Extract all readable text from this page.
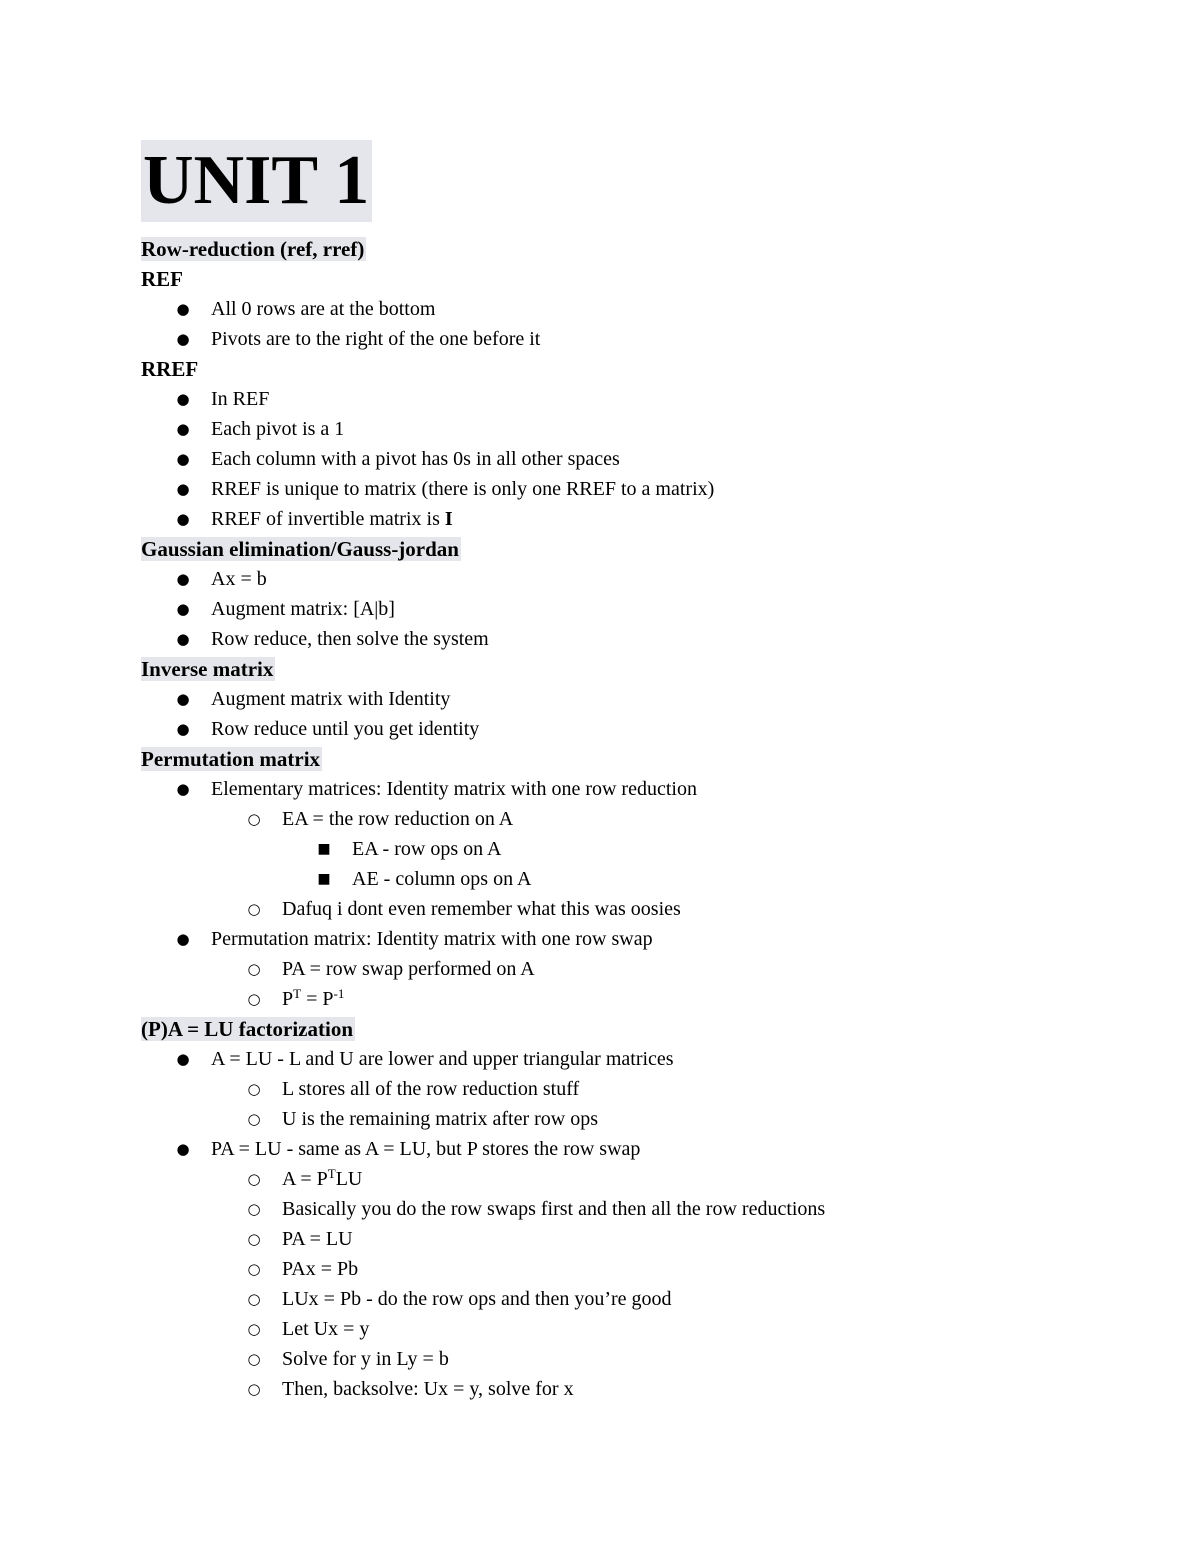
UNIT 1
Row-reduction (ref, rref)
REF
● All 0 rows are at the bottom
● Pivots are to the right of the one before it
RREF
● In REF
● Each pivot is a 1
● Each column with a pivot has 0s in all other spaces
● RREF is unique to matrix (there is only one RREF to a matrix)
● RREF of invertible matrix is I
Gaussian elimination/Gauss-jordan
● Ax = b
● Augment matrix: [A|b]
● Row reduce, then solve the system
Inverse matrix
● Augment matrix with Identity
● Row reduce until you get identity
Permutation matrix
● Elementary matrices: Identity matrix with one row reduction
○ EA = the row reduction on A
■ EA - row ops on A
■ AE - column ops on A
○ Dafuq i dont even remember what this was oosies
● Permutation matrix: Identity matrix with one row swap
○ PA = row swap performed on A
○ $P^T = P^{-1}$
(P)A = LU factorization
● A = LU - L and U are lower and upper triangular matrices
○ L stores all of the row reduction stuff
○ U is the remaining matrix after row ops
● PA = LU - same as A = LU, but P stores the row swap
○ $A = P^TLU$
○ Basically you do the row swaps first and then all the row reductions
○ PA = LU
○ PAx = Pb
○ LUx = Pb - do the row ops and then you’re good
○ Let Ux = y
○ Solve for y in Ly = b
○ Then, backsolve: Ux = y, solve for x
